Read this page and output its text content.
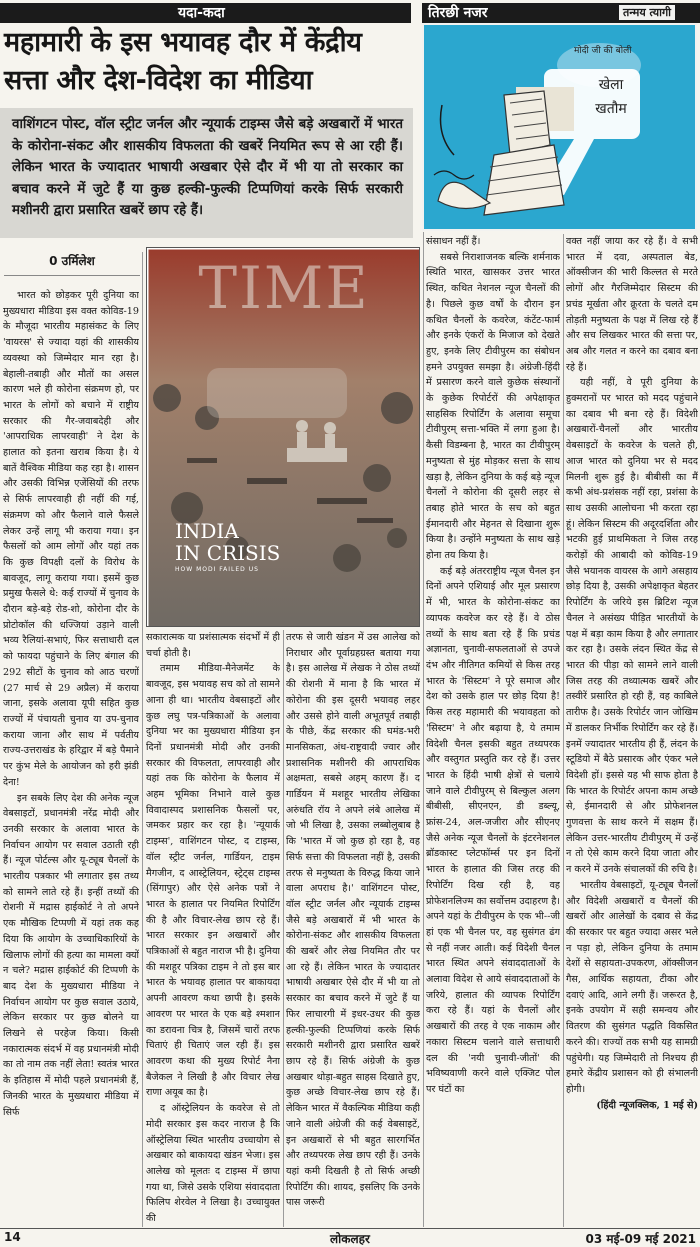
यदा-कदा
महामारी के इस भयावह दौर में केंद्रीय
सत्ता और देश-विदेश का मीडिया
तिरछी नजर	तन्मय त्यागी
मोदी जी की बोली
खेला
खतौम
वाशिंगटन पोस्ट, वॉल स्ट्रीट जर्नल और न्यूयार्क टाइम्स जैसे बड़े अखबारों में भारत के कोरोना-संकट और शासकीय विफलता की खबरें नियमित रूप से आ रही हैं। लेकिन भारत के ज्यादातर भाषायी अखबार ऐसे दौर में भी या तो सरकार का बचाव करने में जुटे हैं या कुछ हल्की-फुल्की टिप्पणियां करके सिर्फ सरकारी मशीनरी द्वारा प्रसारित खबरें छाप रहे हैं।
0 उर्मिलेश

भारत को छोड़कर पूरी दुनिया का मुख्यधारा मीडिया इस वक्त कोविड-19 के मौजूदा भारतीय महासंकट के लिए 'वायरस' से ज्यादा यहां की शासकीय व्यवस्था को जिम्मेदार मान रहा है। बेहाली-तबाही और मौतों का असल कारण भले ही कोरोना संक्रमण हो, पर भारत के लोगों को बचाने में राष्ट्रीय सरकार की गैर-जवाबदेही और 'आपराधिक लापरवाही' ने देश के हालात को इतना खराब किया है। ये बातें वैश्विक मीडिया कह रहा है। शासन और उसकी विभिन्न एजेंसियों की तरफ से सिर्फ लापरवाही ही नहीं की गई, संक्रमण को और फैलाने वाले फैसले लेकर उन्हें लागू भी कराया गया। इन फैसलों को आम लोगों और यहां तक कि कुछ विपक्षी दलों के विरोध के बावजूद, लागू कराया गया। इसमें कुछ प्रमुख फैसले थे: कई राज्यों में चुनाव के दौरान बड़े-बड़े रोड-शो, कोरोना दौर के प्रोटोकॉल की धज्जियां उड़ाने वाली भव्य रैलियां-सभाएं, फिर सत्ताधारी दल को फायदा पहुंचाने के लिए बंगाल की 292 सीटों के चुनाव को आठ चरणों (27 मार्च से 29 अप्रैल) में कराया जाना, इसके अलावा यूपी सहित कुछ राज्यों में पंचायती चुनाव या उप-चुनाव कराया जाना और साथ में पर्वतीय राज्य-उत्तराखंड के हरिद्वार में बड़े पैमाने पर कुंभ मेले के आयोजन को हरी झंडी देना!

इन सबके लिए देश की अनेक न्यूज वेबसाइटों, प्रधानमंत्री नरेंद्र मोदी और उनकी सरकार के अलावा भारत के निर्वाचन आयोग पर सवाल उठाती रही हैं। न्यूज पोर्टल्स और यू-ट्यूब चैनलों के भारतीय पत्रकार भी लगातार इस तथ्य को सामने लाते रहे हैं। इन्हीं तथ्यों की रोशनी में मद्रास हाईकोर्ट ने तो अपने एक मौखिक टिप्पणी में यहां तक कह दिया कि आयोग के उच्चाधिकारियों के खिलाफ लोगों की हत्या का मामला क्यों न चले? मद्रास हाईकोर्ट की टिप्पणी के बाद देश के मुख्यधारा मीडिया ने निर्वाचन आयोग पर कुछ सवाल उठाये, लेकिन सरकार पर कुछ बोलने या लिखने से परहेज किया। किसी नकारात्मक संदर्भ में वह प्रधानमंत्री मोदी का तो नाम तक नहीं लेता! स्वतंत्र भारत के इतिहास में मोदी पहले प्रधानमंत्री हैं, जिनकी भारत के मुख्यधारा मीडिया में सिर्फ

TIME
INDIA
IN CRISIS
HOW MODI FAILED US

सकारात्मक या प्रशंसात्मक संदर्भों में ही चर्चा होती है।

तमाम मीडिया-मैनेजमेंट के बावजूद, इस भयावह सच को तो सामने आना ही था। भारतीय वेबसाइटों और कुछ लघु पत्र-पत्रिकाओं के अलावा दुनिया भर का मुख्यधारा मीडिया इन दिनों प्रधानमंत्री मोदी और उनकी सरकार की विफलता, लापरवाही और यहां तक कि कोरोना के फैलाव में अहम भूमिका निभाने वाले कुछ विवादास्पद प्रशासनिक फैसलों पर, जमकर प्रहार कर रहा है। 'न्यूयार्क टाइम्स', वाशिंगटन पोस्ट, द टाइम्स, वॉल स्ट्रीट जर्नल, गार्डियन, टाइम मैगजीन, द आस्ट्रेलियन, स्ट्रेट्स टाइम्स (सिंगापुर) और ऐसे अनेक पत्रों ने भारत के हालात पर नियमित रिपोर्टिंग की है और विचार-लेख छाप रहे हैं। भारत सरकार इन अखबारों और पत्रिकाओं से बहुत नाराज भी है। दुनिया की मशहूर पत्रिका टाइम ने तो इस बार भारत के भयावह हालात पर बाकायदा अपनी आवरण कथा छापी है। इसके आवरण पर भारत के एक बड़े श्मशान का डरावना चित्र है, जिसमें चारों तरफ चिताएं ही चिताएं जल रही हैं। इस आवरण कथा की मुख्य रिपोर्ट नैना बैजेकल ने लिखी है और विचार लेख राणा अयूब का है।

द ऑस्ट्रेलियन के कवरेज से तो मोदी सरकार इस कदर नाराज है कि ऑस्ट्रेलिया स्थित भारतीय उच्चायोग से अखबार को बाकायदा खंडन भेजा। इस आलेख को मूलतः द टाइम्स में छापा गया था, जिसे उसके एशिया संवाददाता फिलिप शेरवेल ने लिखा है। उच्चायुक्त की

तरफ से जारी खंडन में उस आलेख को निराधार और पूर्वाग्रहग्रस्त बताया गया है। इस आलेख में लेखक ने ठोस तथ्यों की रोशनी में माना है कि भारत में कोरोना की इस दूसरी भयावह लहर और उससे होने वाली अभूतपूर्व तबाही के पीछे, केंद्र सरकार की घमंड-भरी मानसिकता, अंध-राष्ट्रवादी ज्वार और प्रशासनिक मशीनरी की आपराधिक अक्षमता, सबसे अहम् कारण हैं। द गार्डियन में मशहूर भारतीय लेखिका अरुंधति रॉय ने अपने लंबे आलेख में जो भी लिखा है, उसका लब्बोलुबाब है कि 'भारत में जो कुछ हो रहा है, वह सिर्फ सत्ता की विफलता नहीं है, उसकी तरफ से मनुष्यता के विरुद्ध किया जाने वाला अपराध है।' वाशिंगटन पोस्ट, वॉल स्ट्रीट जर्नल और न्यूयार्क टाइम्स जैसे बड़े अखबारों में भी भारत के कोरोना-संकट और शासकीय विफलता की खबरें और लेख नियमित तौर पर आ रहे हैं। लेकिन भारत के ज्यादातर भाषायी अखबार ऐसे दौर में भी या तो सरकार का बचाव करने में जुटे हैं या फिर लाचारगी में इधर-उधर की कुछ हल्की-फुल्की टिप्पणियां करके सिर्फ सरकारी मशीनरी द्वारा प्रसारित खबरें छाप रहे हैं। सिर्फ अंग्रेजी के कुछ अखबार थोड़ा-बहुत साहस दिखाते हुए, कुछ अच्छे विचार-लेख छाप रहे हैं। लेकिन भारत में वैकल्पिक मीडिया कही जाने वाली अंग्रेजी की कई वेबसाइटें, इन अखबारों से भी बहुत सारगर्भित और तथ्यपरक लेख छाप रही हैं। उनके यहां कमी दिखती है तो सिर्फ अच्छी रिपोर्टिंग की। शायद, इसलिए कि उनके पास जरूरी

संसाधन नहीं हैं।

सबसे निराशाजनक बल्कि शर्मनाक स्थिति भारत, खासकर उत्तर भारत स्थित, कथित नेशनल न्यूज चैनलों की है। पिछले कुछ वर्षों के दौरान इन कथित चैनलों के कवरेज, कंटेंट-फार्म और इनके एंकरों के मिजाज को देखते हुए, इनके लिए टीवीपुरम का संबोधन हमने उपयुक्त समझा है। अंग्रेजी-हिंदी में प्रसारण करने वाले कुछेक संस्थानों के कुछेक रिपोर्टरों की अपेक्षाकृत साहसिक रिपोर्टिंग के अलावा समूचा टीवीपुरम् सत्ता-भक्ति में लगा हुआ है। कैसी विडम्बना है, भारत का टीवीपुरम् मनुष्यता से मुंह मोड़कर सत्ता के साथ खड़ा है, लेकिन दुनिया के कई बड़े न्यूज चैनलों ने कोरोना की दूसरी लहर से तबाह होते भारत के सच को बहुत ईमानदारी और मेहनत से दिखाना शुरू किया है। उन्होंने मनुष्यता के साथ खड़े होना तय किया है।

कई बड़े अंतरराष्ट्रीय न्यूज चैनल इन दिनों अपने एशियाई और मूल प्रसारण में भी, भारत के कोरोना-संकट का व्यापक कवरेज कर रहे हैं। वे ठोस तथ्यों के साथ बता रहे हैं कि प्रचंड अज्ञानता, चुनावी-सफलताओं से उपजे दंभ और नीतिगत कमियों से किस तरह भारत के 'सिस्टम' ने पूरे समाज और देश को उसके हाल पर छोड़ दिया है! किस तरह महामारी की भयावहता को 'सिस्टम' ने और बढ़ाया है, ये तमाम विदेशी चैनल इसकी बहुत तथ्यपरक और वस्तुगत प्रस्तुति कर रहे हैं। उत्तर भारत के हिंदी भाषी क्षेत्रों से चलाये जाने वाले टीवीपुरम् से बिल्कुल अलग बीबीसी, सीएनएन, डी डब्ल्यू, फ्रांस-24, अल-जजीरा और सीएनए जैसे अनेक न्यूज चैनलों के इंटरनेशनल ब्रॉडकास्ट प्लेटफॉर्म्स पर इन दिनों भारत के हालात की जिस तरह की रिपोर्टिंग दिख रही है, वह प्रोफेशनलिज्म का सर्वोत्तम उदाहरण है। अपने यहां के टीवीपुरम के एक भी--जी हां एक भी चैनल पर, वह सुसंगत ढंग से नहीं नजर आती। कई विदेशी चैनल भारत स्थित अपने संवाददाताओं के अलावा विदेश से आये संवाददाताओं के जरिये, हालात की व्यापक रिपोर्टिंग करा रहे हैं। यहां के चैनलों और अखबारों की तरह वे एक नाकाम और नकारा सिस्टम चलाने वाले सत्ताधारी दल की 'नयी चुनावी-जीतों' की भविष्यवाणी करने वाले एक्जिट पोल पर घंटों का

वक्त नहीं जाया कर रहे हैं। वे सभी भारत में दवा, अस्पताल बेड, ऑक्सीजन की भारी किल्लत से मरते लोगों और गैरजिम्मेदार सिस्टम की प्रचंड मूर्खता और क्रूरता के चलते दम तोड़ती मनुष्यता के पक्ष में लिख रहे हैं और सच लिखकर भारत की सत्ता पर, अब और गलत न करने का दबाव बना रहे हैं।

यही नहीं, वे पूरी दुनिया के हुक्मरानों पर भारत को मदद पहुंचाने का दबाव भी बना रहे हैं। विदेशी अखबारों-चैनलों और भारतीय वेबसाइटों के कवरेज के चलते ही, आज भारत को दुनिया भर से मदद मिलनी शुरू हुई है। बीबीसी का मैं कभी अंध-प्रशंसक नहीं रहा, प्रशंसा के साथ उसकी आलोचना भी करता रहा हूं। लेकिन सिस्टम की अदूरदर्शिता और भटकी हुई प्राथमिकता ने जिस तरह करोड़ों की आबादी को कोविड-19 जैसे भयानक वायरस के आगे असहाय छोड़ दिया है, उसकी अपेक्षाकृत बेहतर रिपोर्टिंग के जरिये इस ब्रिटिश न्यूज चैनल ने असंख्य पीड़ित भारतीयों के पक्ष में बड़ा काम किया है और लगातार कर रहा है। उसके लंदन स्थित केंद्र से भारत की पीड़ा को सामने लाने वाली जिस तरह की तथ्यात्मक खबरें और तस्वीरें प्रसारित हो रही हैं, वह काबिले तारीफ है। उसके रिपोर्टर जान जोखिम में डालकर निर्भीक रिपोर्टिंग कर रहे हैं। इनमें ज्यादातर भारतीय ही हैं, लंदन के स्टूडियो में बैठे प्रसारक और एंकर भले विदेशी हों। इससे यह भी साफ होता है कि भारत के रिपोर्टर अपना काम अच्छे से, ईमानदारी से और प्रोफेशनल गुणवत्ता के साथ करने में सक्षम हैं। लेकिन उत्तर-भारतीय टीवीपुरम् में उन्हें न तो ऐसे काम करने दिया जाता और न करने में उनके संचालकों की रुचि है।

भारतीय वेबसाइटों, यू-ट्यूब चैनलों और विदेशी अखबारों व चैनलों की खबरों और आलेखों के दबाव से केंद्र की सरकार पर बहुत ज्यादा असर भले न पड़ा हो, लेकिन दुनिया के तमाम देशों से सहायता-उपकरण, ऑक्सीजन गैस, आर्थिक सहायता, टीका और दवाएं आदि, आने लगी हैं। जरूरत है, इनके उपयोग में सही समन्वय और वितरण की सुसंगत पद्धति विकसित करने की। राज्यों तक सभी यह सामग्री पहुंचेगी। यह जिम्मेदारी तो निश्चय ही हमारे केंद्रीय प्रशासन को ही संभालनी होगी।

(हिंदी न्यूजक्लिक, 1 मई से)

14	लोकलहर	03 मई-09 मई 2021
